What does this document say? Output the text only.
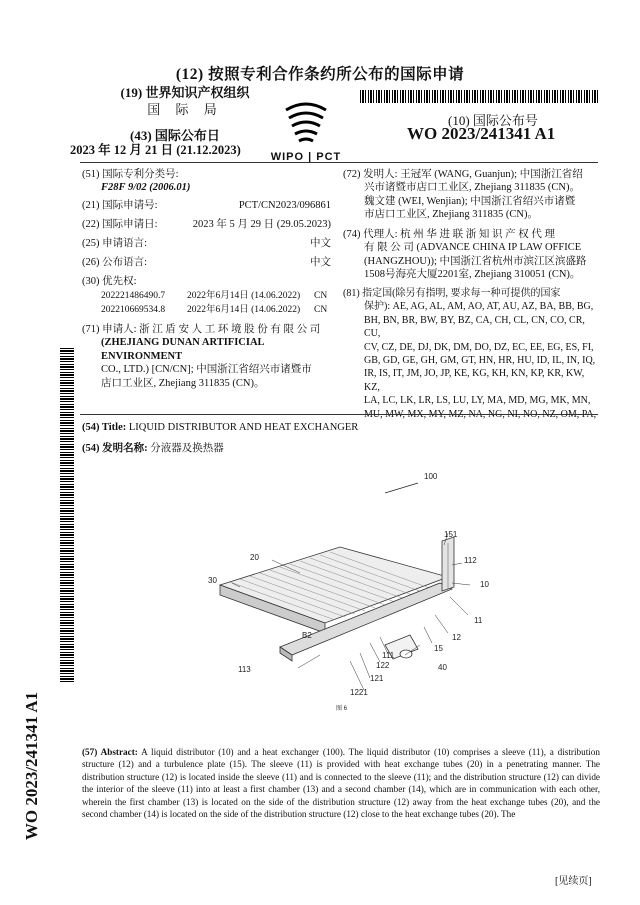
(12) 按照专利合作条约所公布的国际申请
(19) 世界知识产权组织
国 际 局
(43) 国际公布日
2023 年 12 月 21 日 (21.12.2023)	WIPO | PCT
(10) 国际公布号
WO 2023/241341 A1
(51) 国际专利分类号:
F28F 9/02 (2006.01)
(21) 国际申请号:	PCT/CN2023/096861
(22) 国际申请日:	2023 年 5 月 29 日 (29.05.2023)
(25) 申请语言:	中文
(26) 公布语言:	中文
(30) 优先权:
202221486490.7 2022年6月14日 (14.06.2022) CN
202210669534.8 2022年6月14日 (14.06.2022) CN
(71) 申请人: 浙 江 盾 安 人 工 环 境 股 份 有 限 公 司
(ZHEJIANG DUNAN ARTIFICIAL ENVIRONMENT
CO., LTD.) [CN/CN]; 中国浙江省绍兴市诸暨市
店口工业区, Zhejiang 311835 (CN)。
(72) 发明人: 王冠军 (WANG, Guanjun); 中国浙江省绍
兴市诸暨市店口工业区, Zhejiang 311835 (CN)。
魏文建 (WEI, Wenjian); 中国浙江省绍兴市诸暨
市店口工业区, Zhejiang 311835 (CN)。
(74) 代理人: 杭 州 华 进 联 浙 知 识 产 权 代 理
有 限 公 司 (ADVANCE CHINA IP LAW OFFICE
(HANGZHOU)); 中国浙江省杭州市滨江区滨盛路
1508号海亮大厦2201室, Zhejiang 310051 (CN)。
(81) 指定国(除另有指明, 要求每一种可提供的国家
保护): AE, AG, AL, AM, AO, AT, AU, AZ, BA, BB, BG,
BH, BN, BR, BW, BY, BZ, CA, CH, CL, CN, CO, CR, CU,
CV, CZ, DE, DJ, DK, DM, DO, DZ, EC, EE, EG, ES, FI,
GB, GD, GE, GH, GM, GT, HN, HR, HU, ID, IL, IN, IQ,
IR, IS, IT, JM, JO, JP, KE, KG, KH, KN, KP, KR, KW, KZ,
LA, LC, LK, LR, LS, LU, LY, MA, MD, MG, MK, MN,
MU, MW, MX, MY, MZ, NA, NG, NI, NO, NZ, OM, PA,
WO 2023/241341 A1
(54) Title: LIQUID DISTRIBUTOR AND HEAT EXCHANGER
(54) 发明名称: 分液器及换热器
100
151
20	112
30	10
11
B2	12
15
111
113	122	40
121
1221
图 6
(57) Abstract: A liquid distributor (10) and a heat exchanger (100). The liquid distributor (10) comprises a sleeve (11), a distribution structure (12) and a turbulence plate (15). The sleeve (11) is provided with heat exchange tubes (20) in a penetrating manner. The distribution structure (12) is located inside the sleeve (11) and is connected to the sleeve (11); and the distribution structure (12) can divide the interior of the sleeve (11) into at least a first chamber (13) and a second chamber (14), which are in communication with each other, wherein the first chamber (13) is located on the side of the distribution structure (12) away from the heat exchange tubes (20), and the second chamber (14) is located on the side of the distribution structure (12) close to the heat exchange tubes (20). The
[见续页]
